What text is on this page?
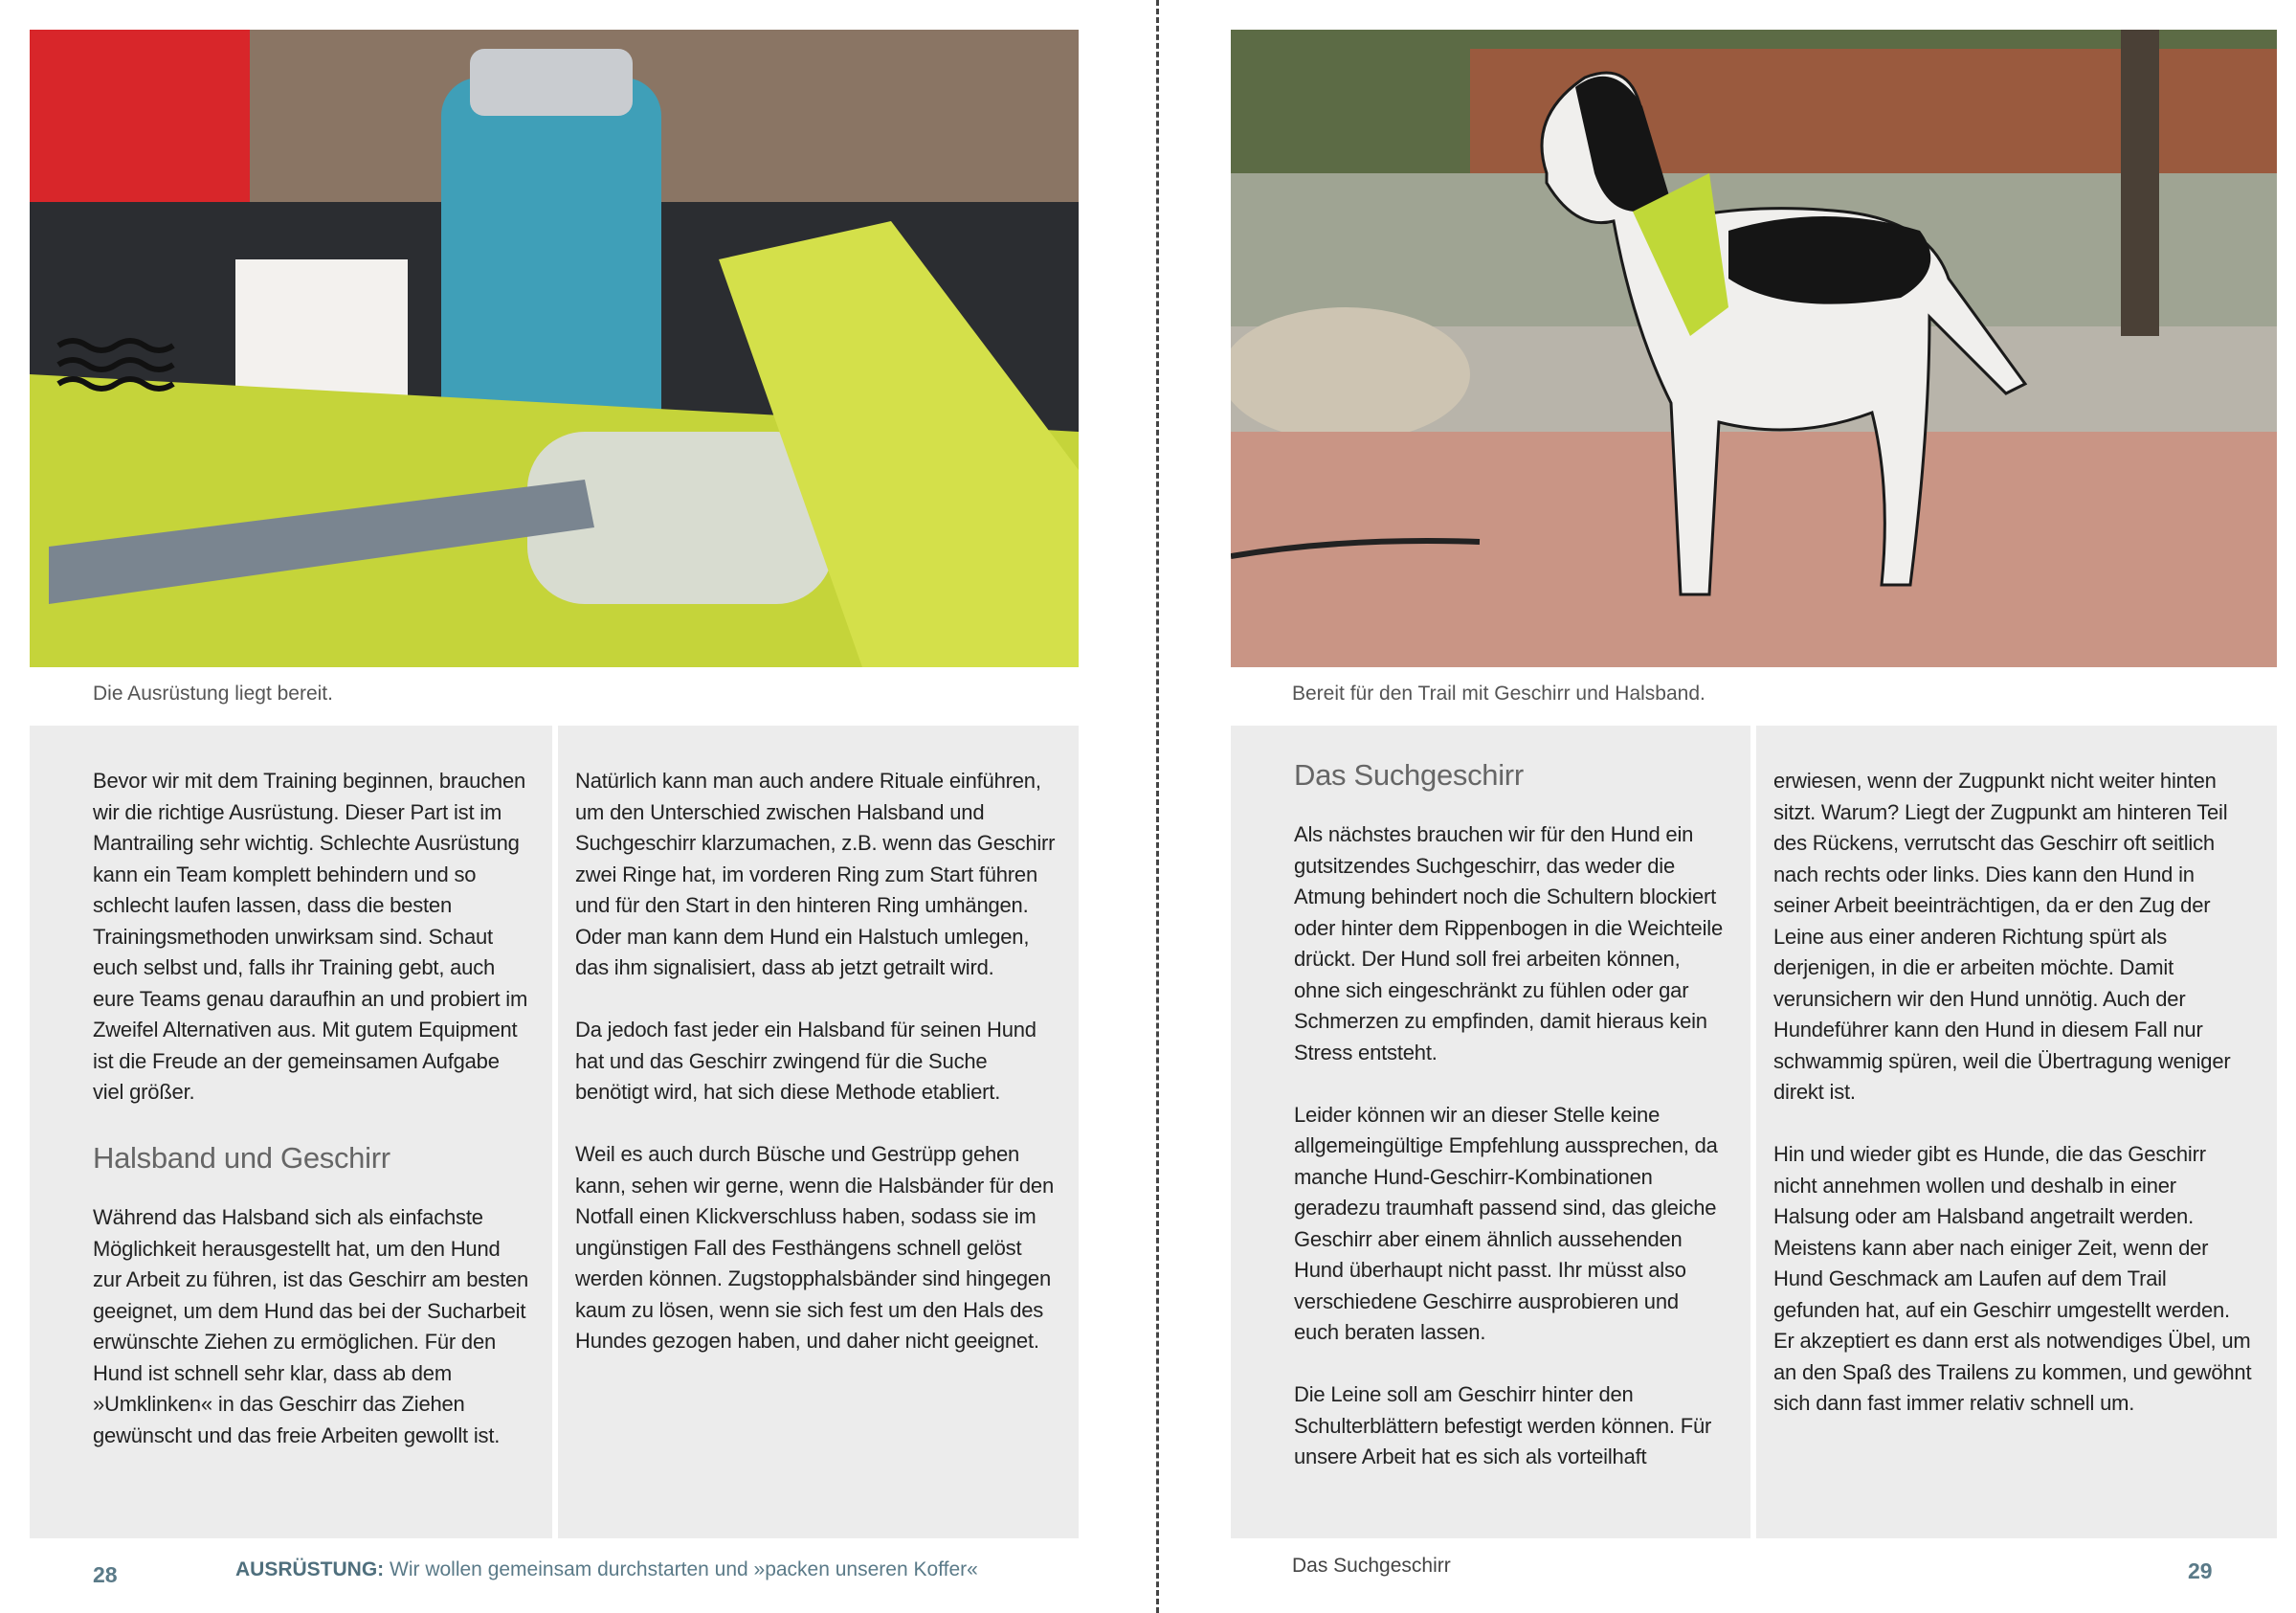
Die Ausrüstung liegt bereit.	Bereit für den Trail mit Geschirr und Halsband.

Bevor wir mit dem Training beginnen, brauchen wir die richtige Ausrüstung. Dieser Part ist im Mantrailing sehr wichtig. Schlechte Ausrüstung kann ein Team komplett behindern und so schlecht laufen lassen, dass die besten Trainingsmethoden unwirksam sind. Schaut euch selbst und, falls ihr Training gebt, auch eure Teams genau daraufhin an und probiert im Zweifel Alternativen aus. Mit gutem Equipment ist die Freude an der gemeinsamen Aufgabe viel größer.

Halsband und Geschirr

Während das Halsband sich als einfachste Möglichkeit herausgestellt hat, um den Hund zur Arbeit zu führen, ist das Geschirr am besten geeignet, um dem Hund das bei der Sucharbeit erwünschte Ziehen zu ermöglichen. Für den Hund ist schnell sehr klar, dass ab dem »Umklinken« in das Geschirr das Ziehen gewünscht und das freie Arbeiten gewollt ist.

Natürlich kann man auch andere Rituale einführen, um den Unterschied zwischen Halsband und Suchgeschirr klarzumachen, z.B. wenn das Geschirr zwei Ringe hat, im vorderen Ring zum Start führen und für den Start in den hinteren Ring umhängen. Oder man kann dem Hund ein Halstuch umlegen, das ihm signalisiert, dass ab jetzt getrailt wird.

Da jedoch fast jeder ein Halsband für seinen Hund hat und das Geschirr zwingend für die Suche benötigt wird, hat sich diese Methode etabliert.

Weil es auch durch Büsche und Gestrüpp gehen kann, sehen wir gerne, wenn die Halsbänder für den Notfall einen Klickverschluss haben, sodass sie im ungünstigen Fall des Festhängens schnell gelöst werden können. Zugstopphalsbänder sind hingegen kaum zu lösen, wenn sie sich fest um den Hals des Hundes gezogen haben, und daher nicht geeignet.

Das Suchgeschirr

Als nächstes brauchen wir für den Hund ein gutsitzendes Suchgeschirr, das weder die Atmung behindert noch die Schultern blockiert oder hinter dem Rippenbogen in die Weichteile drückt. Der Hund soll frei arbeiten können, ohne sich eingeschränkt zu fühlen oder gar Schmerzen zu empfinden, damit hieraus kein Stress entsteht.

Leider können wir an dieser Stelle keine allgemeingültige Empfehlung aussprechen, da manche Hund-Geschirr-Kombinationen geradezu traumhaft passend sind, das gleiche Geschirr aber einem ähnlich aussehenden Hund überhaupt nicht passt. Ihr müsst also verschiedene Geschirre ausprobieren und euch beraten lassen.

Die Leine soll am Geschirr hinter den Schulterblättern befestigt werden können. Für unsere Arbeit hat es sich als vorteilhaft

erwiesen, wenn der Zugpunkt nicht weiter hinten sitzt. Warum? Liegt der Zugpunkt am hinteren Teil des Rückens, verrutscht das Geschirr oft seitlich nach rechts oder links. Dies kann den Hund in seiner Arbeit beeinträchtigen, da er den Zug der Leine aus einer anderen Richtung spürt als derjenigen, in die er arbeiten möchte. Damit verunsichern wir den Hund unnötig. Auch der Hundeführer kann den Hund in diesem Fall nur schwammig spüren, weil die Übertragung weniger direkt ist.

Hin und wieder gibt es Hunde, die das Geschirr nicht annehmen wollen und deshalb in einer Halsung oder am Halsband angetrailt werden. Meistens kann aber nach einiger Zeit, wenn der Hund Geschmack am Laufen auf dem Trail gefunden hat, auf ein Geschirr umgestellt werden. Er akzeptiert es dann erst als notwendiges Übel, um an den Spaß des Trailens zu kommen, und gewöhnt sich dann fast immer relativ schnell um.

28	AUSRÜSTUNG: Wir wollen gemeinsam durchstarten und »packen unseren Koffer«	Das Suchgeschirr	29
